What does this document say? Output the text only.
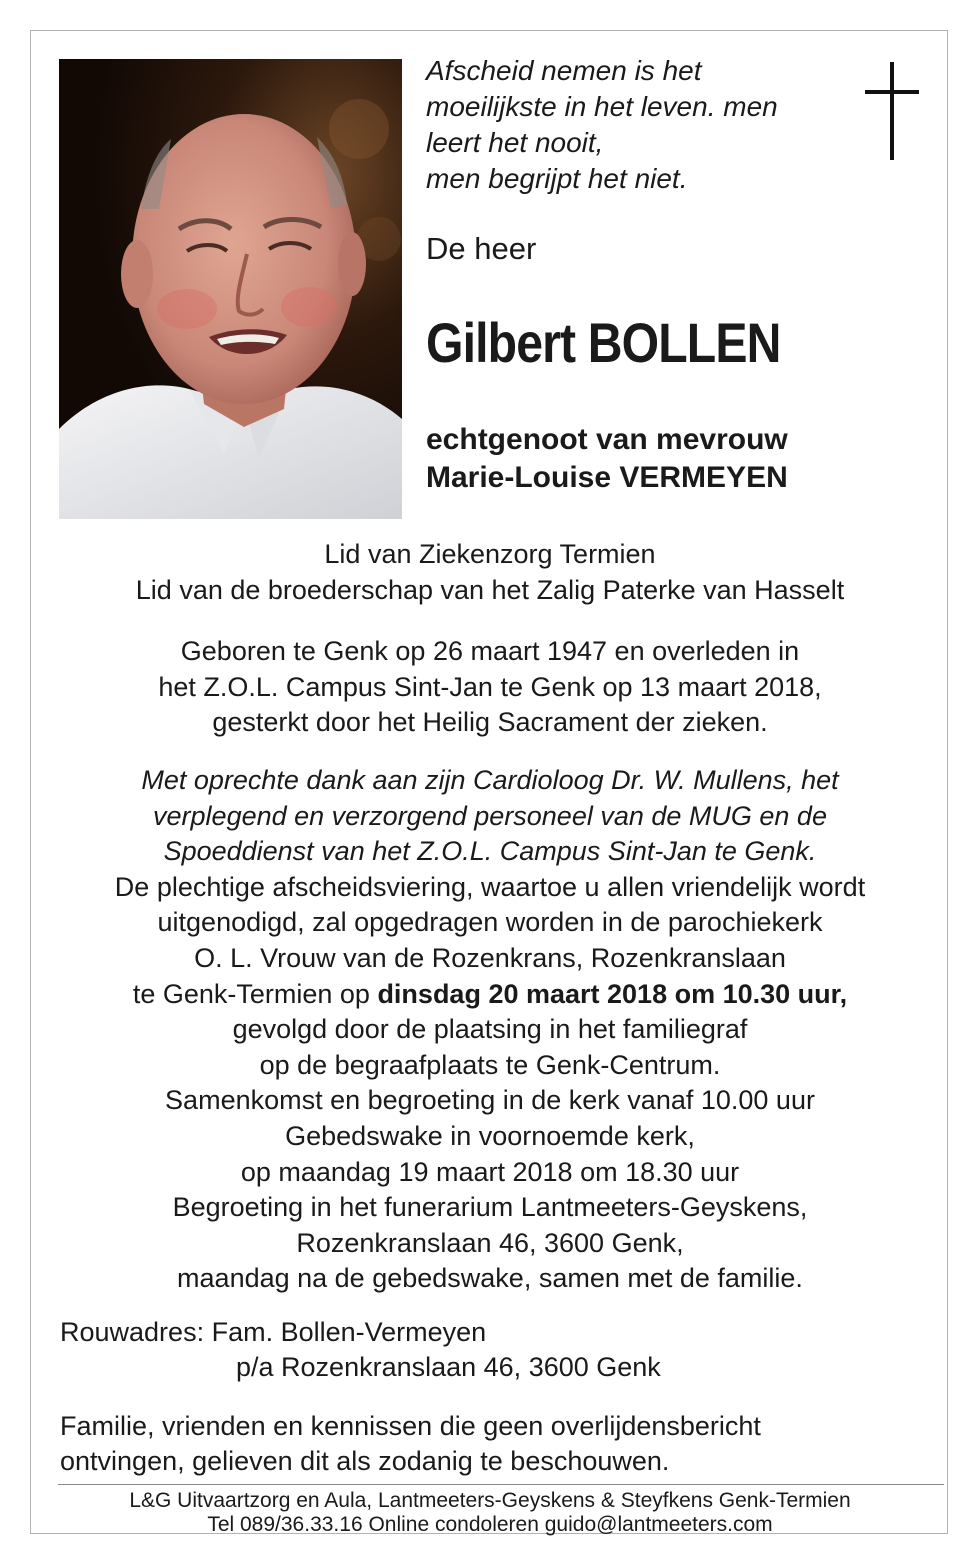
Afscheid nemen is het
moeilijkste in het leven. men
leert het nooit,
men begrijpt het niet.
De heer
Gilbert BOLLEN
echtgenoot van mevrouw
Marie-Louise VERMEYEN
Lid van Ziekenzorg Termien
Lid van de broederschap van het Zalig Paterke van Hasselt
Geboren te Genk op 26 maart 1947 en overleden in
het Z.O.L. Campus Sint-Jan te Genk op 13 maart 2018,
gesterkt door het Heilig Sacrament der zieken.
Met oprechte dank aan zijn Cardioloog Dr. W. Mullens, het
verplegend en verzorgend personeel van de MUG en de
Spoeddienst van het Z.O.L. Campus Sint-Jan te Genk.
De plechtige afscheidsviering, waartoe u allen vriendelijk wordt
uitgenodigd, zal opgedragen worden in de parochiekerk
O. L. Vrouw van de Rozenkrans, Rozenkranslaan
te Genk-Termien op dinsdag 20 maart 2018 om 10.30 uur,
gevolgd door de plaatsing in het familiegraf
op de begraafplaats te Genk-Centrum.
Samenkomst en begroeting in de kerk vanaf 10.00 uur
Gebedswake in voornoemde kerk,
op maandag 19 maart 2018 om 18.30 uur
Begroeting in het funerarium Lantmeeters-Geyskens,
Rozenkranslaan 46, 3600 Genk,
maandag na de gebedswake, samen met de familie.
Rouwadres: Fam. Bollen-Vermeyen
p/a Rozenkranslaan 46, 3600 Genk
Familie, vrienden en kennissen die geen overlijdensbericht
ontvingen, gelieven dit als zodanig te beschouwen.
L&G Uitvaartzorg en Aula, Lantmeeters-Geyskens & Steyfkens Genk-Termien
Tel 089/36.33.16 Online condoleren guido@lantmeeters.com
